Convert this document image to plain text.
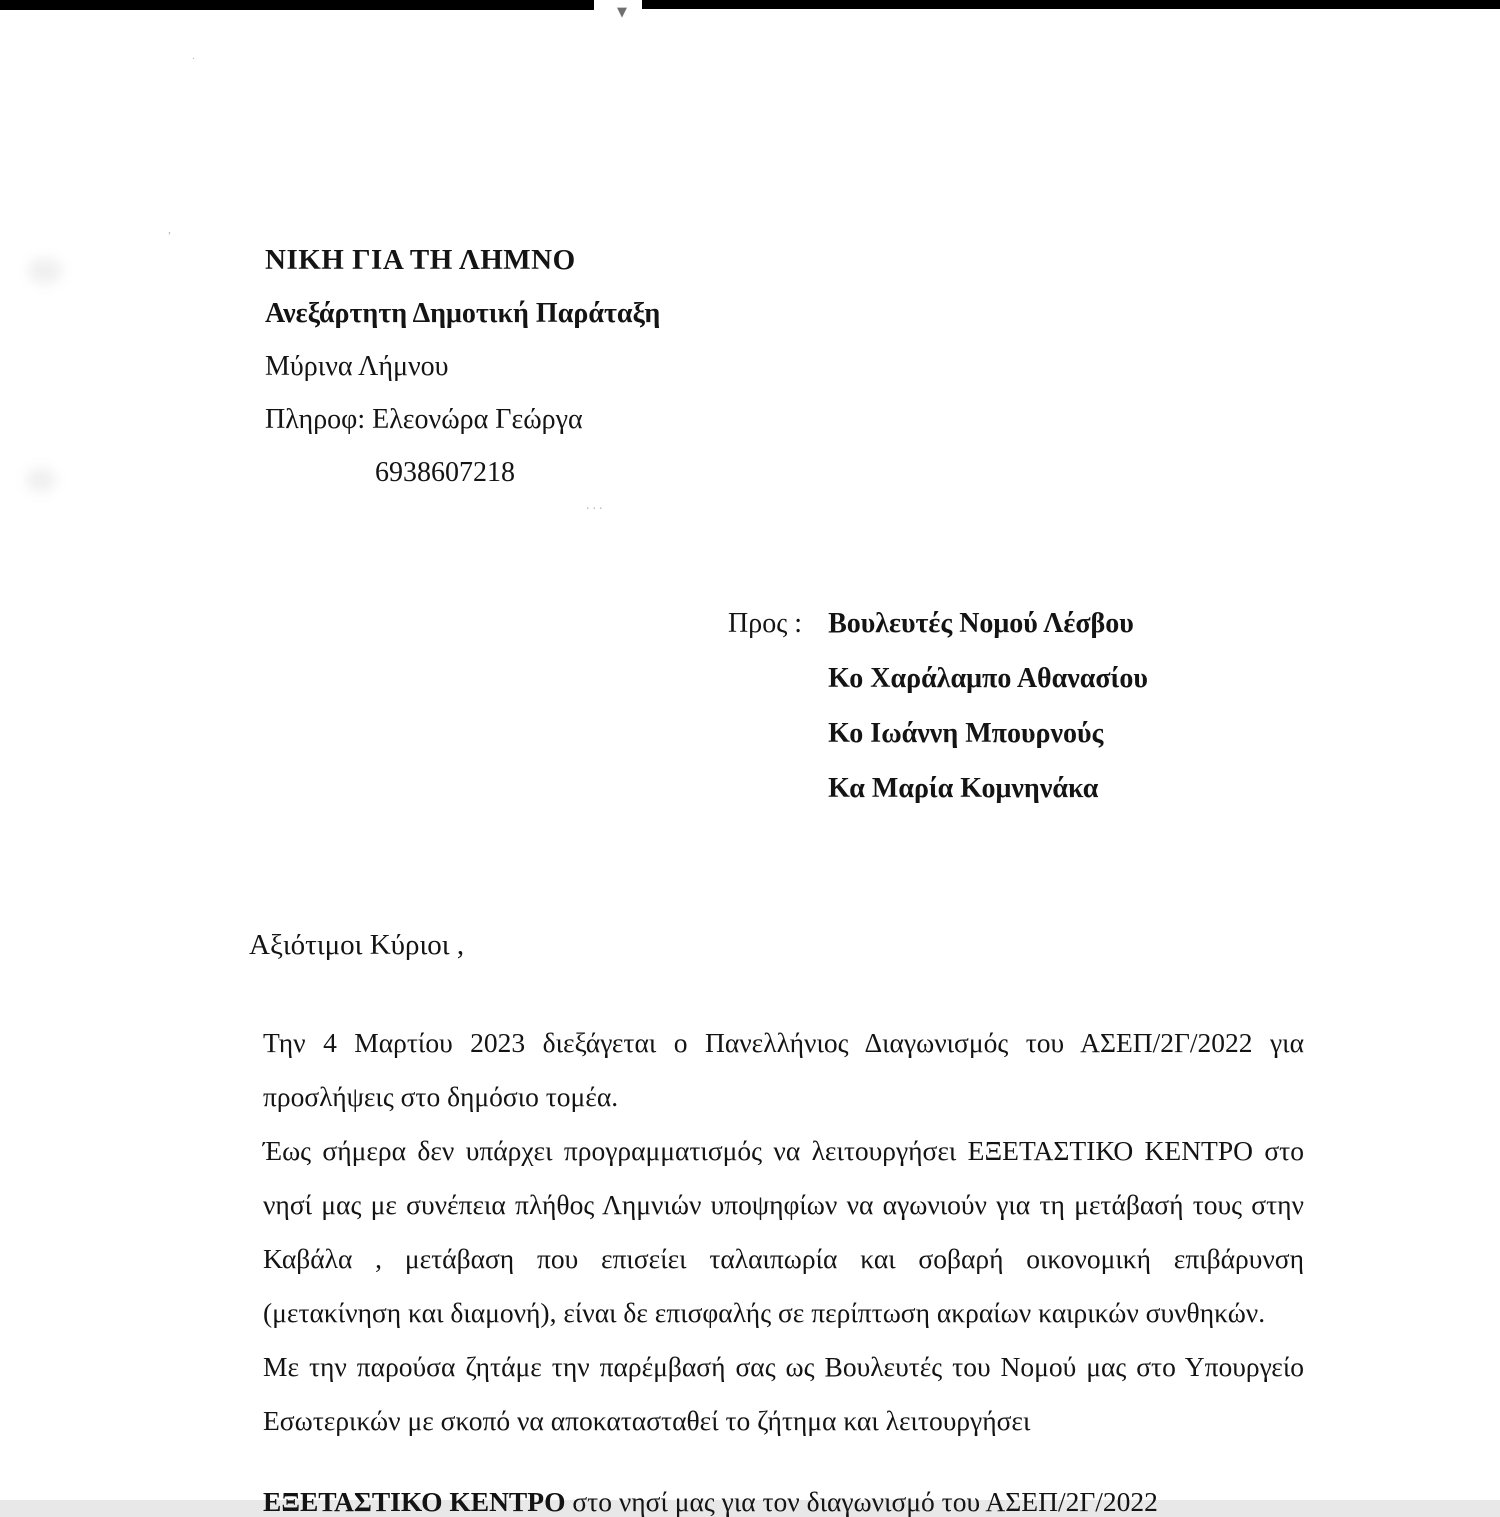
▼
,
...
.
ΝΙΚΗ ΓΙΑ ΤΗ ΛΗΜΝΟ
Ανεξάρτητη Δημοτική Παράταξη
Μύρινα Λήμνου
Πληροφ: Ελεονώρα Γεώργα
6938607218
Προς : Βουλευτές Νομού Λέσβου
Κο Χαράλαμπο Αθανασίου
Κο Ιωάννη Μπουρνούς
Κα Μαρία Κομνηνάκα
Αξιότιμοι Κύριοι ,

Την 4 Μαρτίου 2023 διεξάγεται ο Πανελλήνιος Διαγωνισμός του ΑΣΕΠ/2Γ/2022 για προσλήψεις στο δημόσιο τομέα.

Έως σήμερα δεν υπάρχει προγραμματισμός να λειτουργήσει ΕΞΕΤΑΣΤΙΚΟ ΚΕΝΤΡΟ στο νησί μας με συνέπεια πλήθος Λημνιών υποψηφίων να αγωνιούν για τη μετάβασή τους στην Καβάλα , μετάβαση που επισείει ταλαιπωρία και σοβαρή οικονομική επιβάρυνση (μετακίνηση και διαμονή), είναι δε επισφαλής σε περίπτωση ακραίων καιρικών συνθηκών.

Με την παρούσα ζητάμε την παρέμβασή σας ως Βουλευτές του Νομού μας στο Υπουργείο Εσωτερικών με σκοπό να αποκατασταθεί το ζήτημα και λειτουργήσει

ΕΞΕΤΑΣΤΙΚΟ ΚΕΝΤΡΟ στο νησί μας για τον διαγωνισμό του ΑΣΕΠ/2Γ/2022
